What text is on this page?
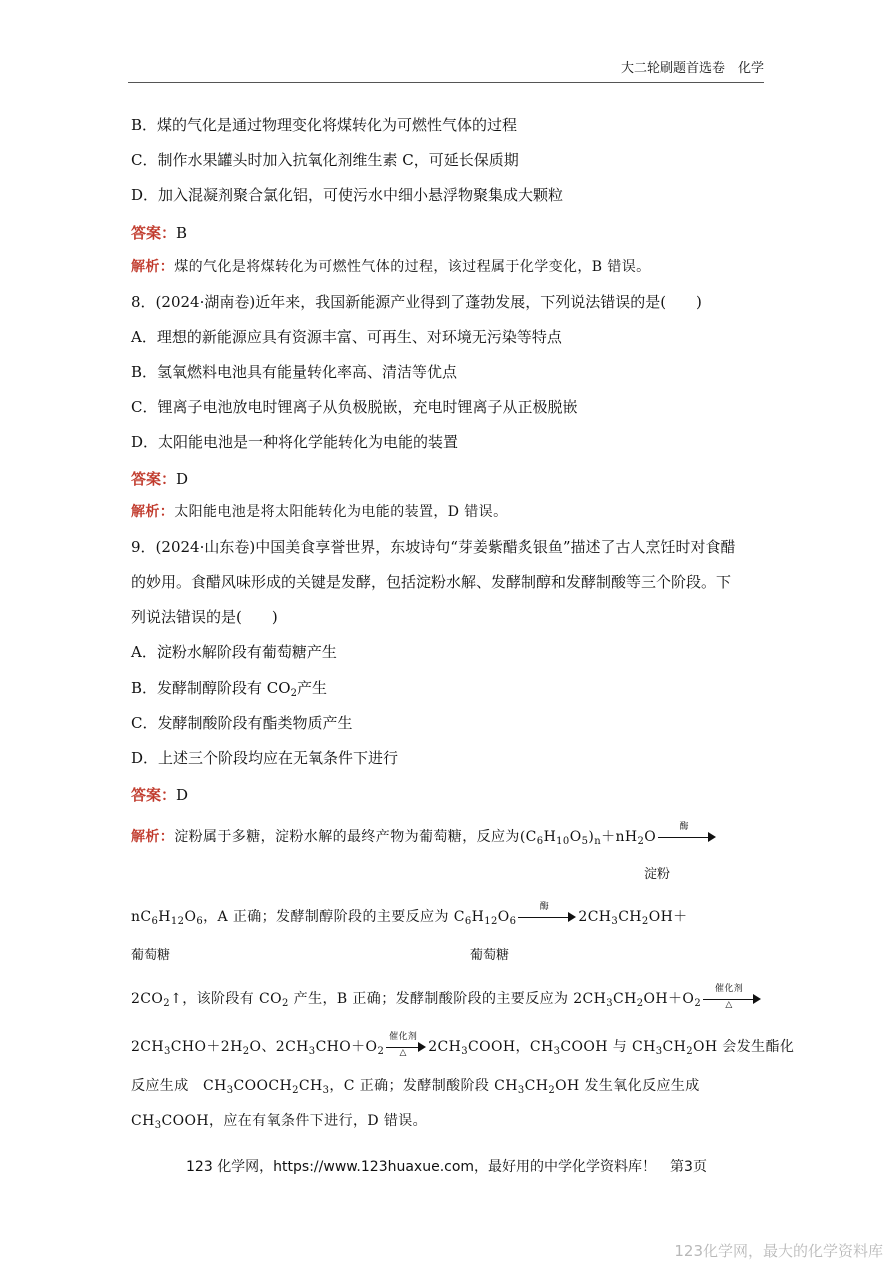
大二轮刷题首选卷　化学
B．煤的气化是通过物理变化将煤转化为可燃性气体的过程
C．制作水果罐头时加入抗氧化剂维生素 C，可延长保质期
D．加入混凝剂聚合氯化铝，可使污水中细小悬浮物聚集成大颗粒
答案：B
解析：煤的气化是将煤转化为可燃性气体的过程，该过程属于化学变化，B 错误。
8．(2024·湖南卷)近年来，我国新能源产业得到了蓬勃发展，下列说法错误的是(　　)
A．理想的新能源应具有资源丰富、可再生、对环境无污染等特点
B．氢氧燃料电池具有能量转化率高、清洁等优点
C．锂离子电池放电时锂离子从负极脱嵌，充电时锂离子从正极脱嵌
D．太阳能电池是一种将化学能转化为电能的装置
答案：D
解析：太阳能电池是将太阳能转化为电能的装置，D 错误。
9．(2024·山东卷)中国美食享誉世界，东坡诗句“芽姜紫醋炙银鱼”描述了古人烹饪时对食醋
的妙用。食醋风味形成的关键是发酵，包括淀粉水解、发酵制醇和发酵制酸等三个阶段。下
列说法错误的是(　　)
A．淀粉水解阶段有葡萄糖产生
B．发酵制醇阶段有 $CO_2$产生
C．发酵制酸阶段有酯类物质产生
D．上述三个阶段均应在无氧条件下进行
答案：D
解析：淀粉属于多糖，淀粉水解的最终产物为葡萄糖，反应为$(C_6H_{10}O_5)_n+nH_2O$
酶
淀粉
$nC_6H_{12}O_6$，A 正确；发酵制醇阶段的主要反应为 $C_6H_{12}O_6$
酶
$2CH_3CH_2OH+$
葡萄糖	葡萄糖
$2CO_2↑$，该阶段有 $CO_2$ 产生，B 正确；发酵制酸阶段的主要反应为 $2CH_3CH_2OH+O_2$
催化剂
△
$2CH_3CHO+2H_2O$、$2CH_3CHO+O_2$
催化剂
△	$2CH_3COOH$，$CH_3COOH$ 与 $CH_3CH_2OH$ 会发生酯化
反应生成　$CH_3COOCH_2CH_3$，C 正确；发酵制酸阶段 $CH_3CH_2OH$ 发生氧化反应生成
$CH_3COOH$，应在有氧条件下进行，D 错误。
123 化学网，https://www.123huaxue.com，最好用的中学化学资料库！　第3页
123化学网，最大的化学资料库
